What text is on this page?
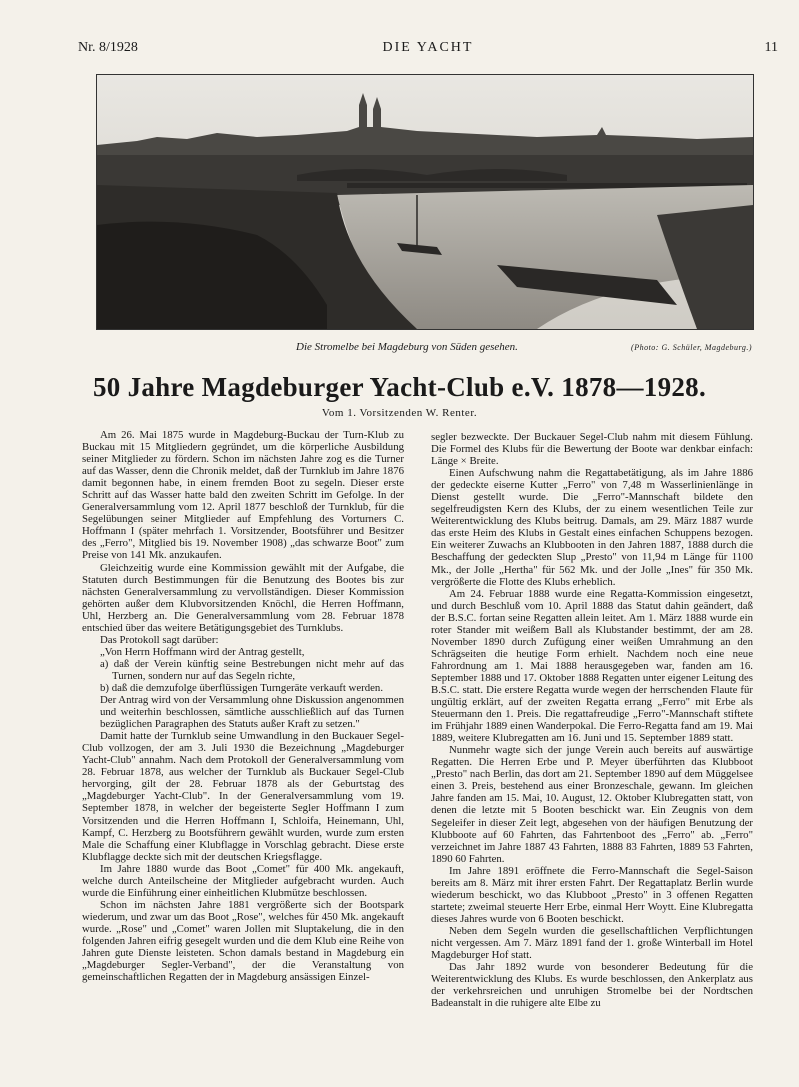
Nr. 8/1928	DIE YACHT	11
Die Stromelbe bei Magdeburg von Süden gesehen.	(Photo: G. Schüler, Magdeburg.)
50 Jahre Magdeburger Yacht-Club e.V. 1878—1928.
Vom 1. Vorsitzenden W. Renter.

Am 26. Mai 1875 wurde in Magdeburg-Buckau der Turn-Klub zu Buckau mit 15 Mitgliedern gegründet, um die körperliche Ausbildung seiner Mitglieder zu fördern. Schon im nächsten Jahre zog es die Turner auf das Wasser, denn die Chronik meldet, daß der Turnklub im Jahre 1876 damit begonnen habe, in einem fremden Boot zu segeln. Dieser erste Schritt auf das Wasser hatte bald den zweiten Schritt im Gefolge. In der Generalversammlung vom 12. April 1877 beschloß der Turnklub, für die Segelübungen seiner Mitglieder auf Empfehlung des Vorturners C. Hoffmann I (später mehrfach 1. Vorsitzender, Bootsführer und Besitzer des „Ferro", Mitglied bis 19. November 1908) „das schwarze Boot" zum Preise von 141 Mk. anzukaufen.

Gleichzeitig wurde eine Kommission gewählt mit der Aufgabe, die Statuten durch Bestimmungen für die Benutzung des Bootes bis zur nächsten Generalversammlung zu vervollständigen. Dieser Kommission gehörten außer dem Klubvorsitzenden Knöchl, die Herren Hoffmann, Uhl, Herzberg an. Die Generalversammlung vom 28. Februar 1878 entschied über das weitere Betätigungsgebiet des Turnklubs.

Das Protokoll sagt darüber:

„Von Herrn Hoffmann wird der Antrag gestellt,

a) daß der Verein künftig seine Bestrebungen nicht mehr auf das Turnen, sondern nur auf das Segeln richte,

b) daß die demzufolge überflüssigen Turngeräte verkauft werden.

Der Antrag wird von der Versammlung ohne Diskussion angenommen und weiterhin beschlossen, sämtliche ausschließlich auf das Turnen bezüglichen Paragraphen des Statuts außer Kraft zu setzen."

Damit hatte der Turnklub seine Umwandlung in den Buckauer Segel-Club vollzogen, der am 3. Juli 1930 die Bezeichnung „Magdeburger Yacht-Club" annahm. Nach dem Protokoll der Generalversammlung vom 28. Februar 1878, aus welcher der Turnklub als Buckauer Segel-Club hervorging, gilt der 28. Februar 1878 als der Geburtstag des „Magdeburger Yacht-Club". In der Generalversammlung vom 19. September 1878, in welcher der begeisterte Segler Hoffmann I zum Vorsitzenden und die Herren Hoffmann I, Schloifa, Heinemann, Uhl, Kampf, C. Herzberg zu Bootsführern gewählt wurden, wurde zum ersten Male die Schaffung einer Klubflagge in Vorschlag gebracht. Diese erste Klubflagge deckte sich mit der deutschen Kriegsflagge.

Im Jahre 1880 wurde das Boot „Comet" für 400 Mk. angekauft, welche durch Anteilscheine der Mitglieder aufgebracht wurden. Auch wurde die Einführung einer einheitlichen Klubmütze beschlossen.

Schon im nächsten Jahre 1881 vergrößerte sich der Bootspark wiederum, und zwar um das Boot „Rose", welches für 450 Mk. angekauft wurde. „Rose" und „Comet" waren Jollen mit Sluptakelung, die in den folgenden Jahren eifrig gesegelt wurden und die dem Klub eine Reihe von Jahren gute Dienste leisteten. Schon damals bestand in Magdeburg ein „Magdeburger Segler-Verband", der die Veranstaltung von gemeinschaftlichen Regatten der in Magdeburg ansässigen Einzel-

segler bezweckte. Der Buckauer Segel-Club nahm mit diesem Fühlung. Die Formel des Klubs für die Bewertung der Boote war denkbar einfach: Länge × Breite.

Einen Aufschwung nahm die Regattabetätigung, als im Jahre 1886 der gedeckte eiserne Kutter „Ferro" von 7,48 m Wasserlinienlänge in Dienst gestellt wurde. Die „Ferro"-Mannschaft bildete den segelfreudigsten Kern des Klubs, der zu einem wesentlichen Teile zur Weiterentwicklung des Klubs beitrug. Damals, am 29. März 1887 wurde das erste Heim des Klubs in Gestalt eines einfachen Schuppens bezogen. Ein weiterer Zuwachs an Klubbooten in den Jahren 1887, 1888 durch die Beschaffung der gedeckten Slup „Presto" von 11,94 m Länge für 1100 Mk., der Jolle „Hertha" für 562 Mk. und der Jolle „Ines" für 350 Mk. vergrößerte die Flotte des Klubs erheblich.

Am 24. Februar 1888 wurde eine Regatta-Kommission eingesetzt, und durch Beschluß vom 10. April 1888 das Statut dahin geändert, daß der B.S.C. fortan seine Regatten allein leitet. Am 1. März 1888 wurde ein roter Stander mit weißem Ball als Klubstander bestimmt, der am 28. November 1890 durch Zufügung einer weißen Umrahmung an den Schrägseiten die heutige Form erhielt. Nachdem noch eine neue Fahrordnung am 1. Mai 1888 herausgegeben war, fanden am 16. September 1888 und 17. Oktober 1888 Regatten unter eigener Leitung des B.S.C. statt. Die erstere Regatta wurde wegen der herrschenden Flaute für ungültig erklärt, auf der zweiten Regatta errang „Ferro" mit Erbe als Steuermann den 1. Preis. Die regattafreudige „Ferro"-Mannschaft stiftete im Frühjahr 1889 einen Wanderpokal. Die Ferro-Regatta fand am 19. Mai 1889, weitere Klubregatten am 16. Juni und 15. September 1889 statt.

Nunmehr wagte sich der junge Verein auch bereits auf auswärtige Regatten. Die Herren Erbe und P. Meyer überführten das Klubboot „Presto" nach Berlin, das dort am 21. September 1890 auf dem Müggelsee einen 3. Preis, bestehend aus einer Bronzeschale, gewann. Im gleichen Jahre fanden am 15. Mai, 10. August, 12. Oktober Klubregatten statt, von denen die letzte mit 5 Booten beschickt war. Ein Zeugnis von dem Segeleifer in dieser Zeit legt, abgesehen von der häufigen Benutzung der Klubboote auf 60 Fahrten, das Fahrtenboot des „Ferro" ab. „Ferro" verzeichnet im Jahre 1887 43 Fahrten, 1888 83 Fahrten, 1889 53 Fahrten, 1890 60 Fahrten.

Im Jahre 1891 eröffnete die Ferro-Mannschaft die Segel-Saison bereits am 8. März mit ihrer ersten Fahrt. Der Regattaplatz Berlin wurde wiederum beschickt, wo das Klubboot „Presto" in 3 offenen Regatten startete; zweimal steuerte Herr Erbe, einmal Herr Woytt. Eine Klubregatta dieses Jahres wurde von 6 Booten beschickt.

Neben dem Segeln wurden die gesellschaftlichen Verpflichtungen nicht vergessen. Am 7. März 1891 fand der 1. große Winterball im Hotel Magdeburger Hof statt.

Das Jahr 1892 wurde von besonderer Bedeutung für die Weiterentwicklung des Klubs. Es wurde beschlossen, den Ankerplatz aus der verkehrsreichen und unruhigen Stromelbe bei der Nordtschen Badeanstalt in die ruhigere alte Elbe zu
